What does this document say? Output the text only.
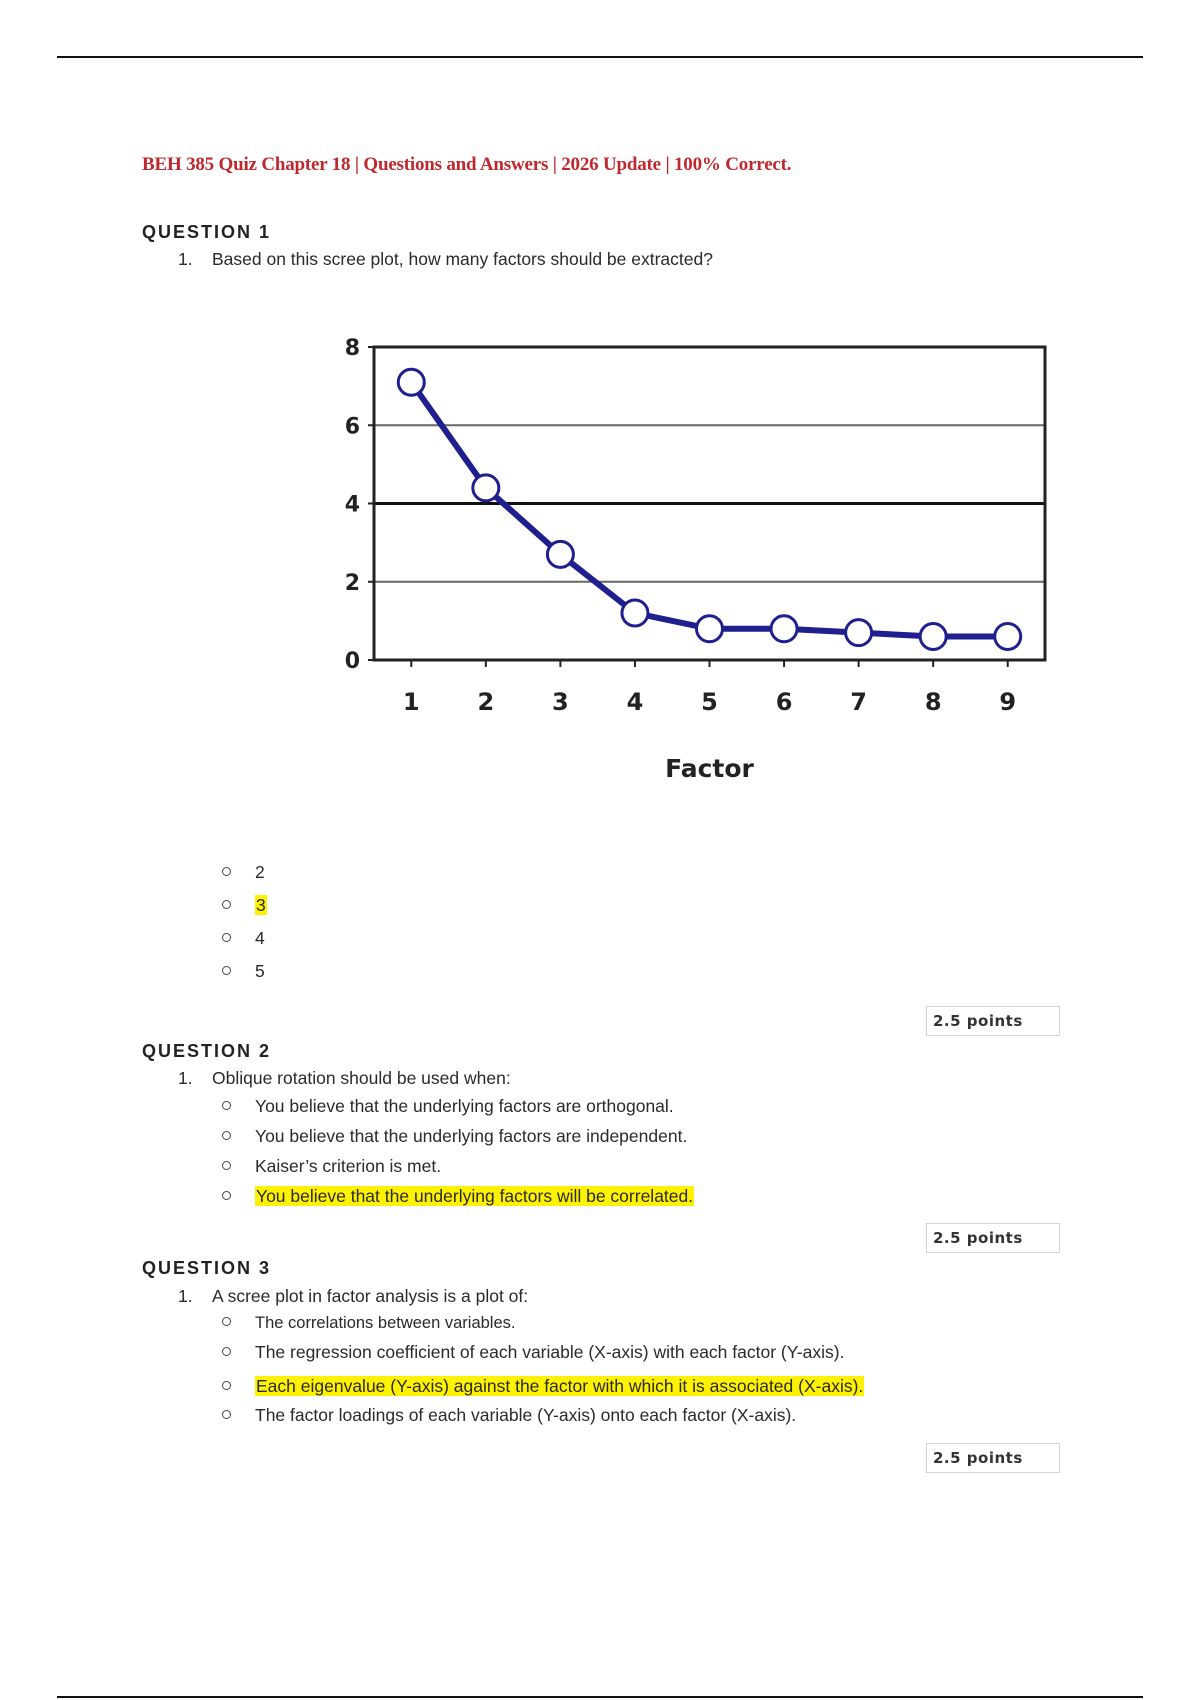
BEH 385 Quiz Chapter 18 | Questions and Answers | 2026 Update | 100% Correct.
QUESTION 1
1. Based on this scree plot, how many factors should be extracted?
0
2
4
6
8
1 2 3 4 5 6 7 8 9
Factor
2
3
4
5
2.5 points
QUESTION 2
1. Oblique rotation should be used when:
You believe that the underlying factors are orthogonal.
You believe that the underlying factors are independent.
Kaiser’s criterion is met.
You believe that the underlying factors will be correlated.
2.5 points
QUESTION 3
1. A scree plot in factor analysis is a plot of:
The correlations between variables.
The regression coefficient of each variable (X-axis) with each factor (Y-axis).
Each eigenvalue (Y-axis) against the factor with which it is associated (X-axis).
The factor loadings of each variable (Y-axis) onto each factor (X-axis).
2.5 points
